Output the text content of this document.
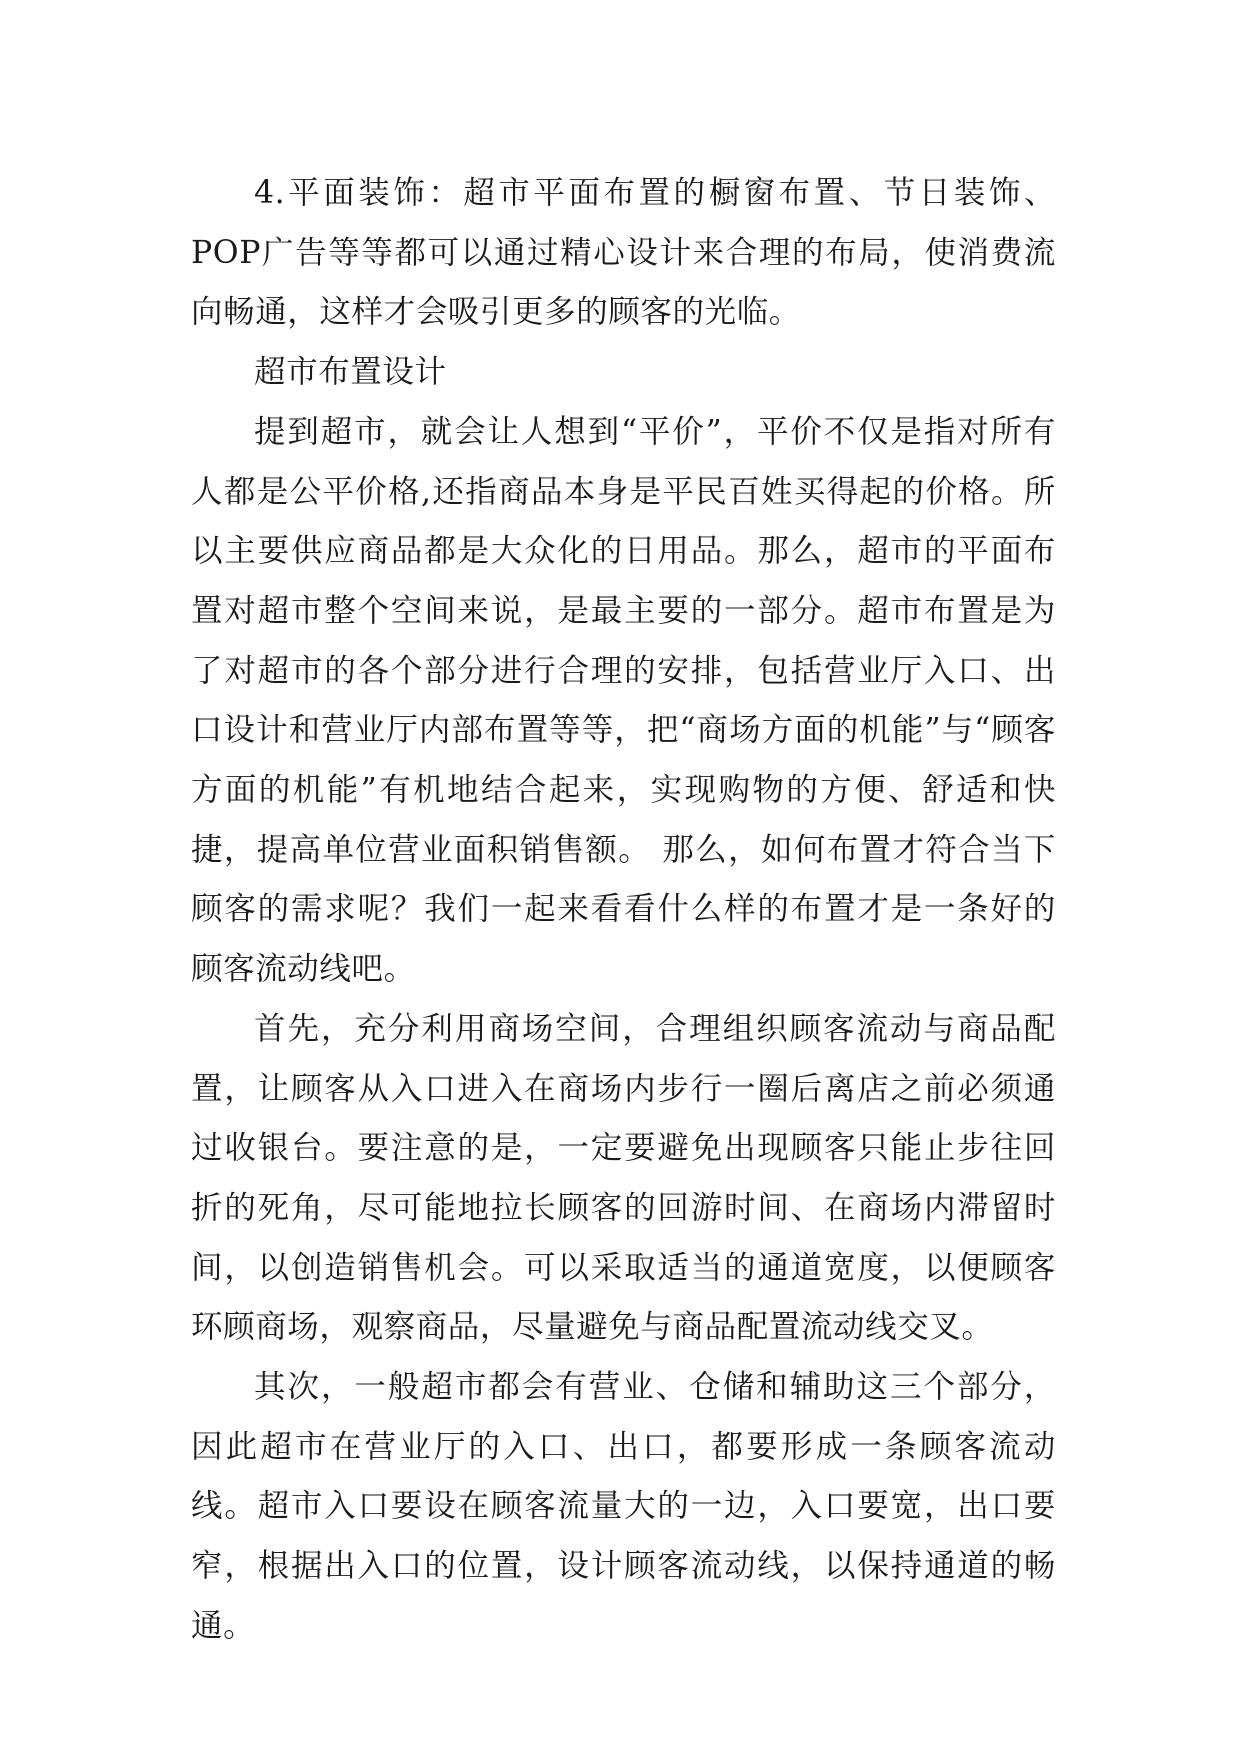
4.平面装饰：超市平面布置的橱窗布置、节日装饰、POP广告等等都可以通过精心设计来合理的布局，使消费流向畅通，这样才会吸引更多的顾客的光临。

超市布置设计

提到超市，就会让人想到“平价”，平价不仅是指对所有人都是公平价格,还指商品本身是平民百姓买得起的价格。所以主要供应商品都是大众化的日用品。那么，超市的平面布置对超市整个空间来说，是最主要的一部分。超市布置是为了对超市的各个部分进行合理的安排，包括营业厅入口、出口设计和营业厅内部布置等等，把“商场方面的机能”与“顾客方面的机能”有机地结合起来，实现购物的方便、舒适和快捷，提高单位营业面积销售额。 那么，如何布置才符合当下顾客的需求呢？我们一起来看看什么样的布置才是一条好的顾客流动线吧。

首先，充分利用商场空间，合理组织顾客流动与商品配置，让顾客从入口进入在商场内步行一圈后离店之前必须通过收银台。要注意的是，一定要避免出现顾客只能止步往回折的死角，尽可能地拉长顾客的回游时间、在商场内滞留时间，以创造销售机会。可以采取适当的通道宽度，以便顾客环顾商场，观察商品，尽量避免与商品配置流动线交叉。

其次，一般超市都会有营业、仓储和辅助这三个部分，因此超市在营业厅的入口、出口，都要形成一条顾客流动线。超市入口要设在顾客流量大的一边，入口要宽，出口要窄，根据出入口的位置，设计顾客流动线，以保持通道的畅通。
